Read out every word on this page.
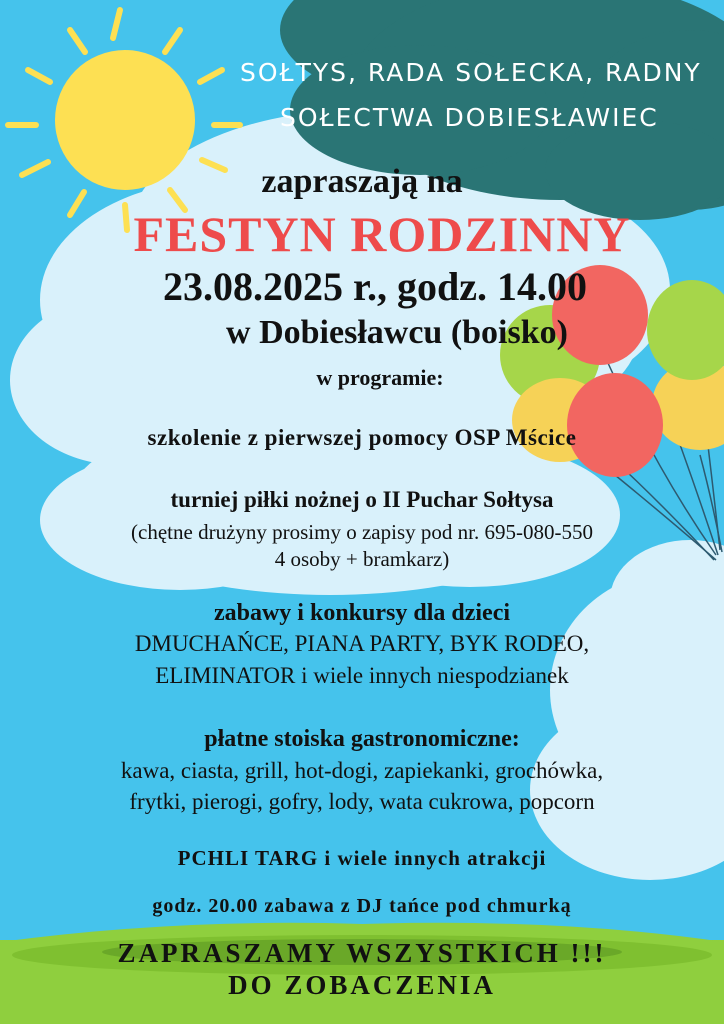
SOŁTYS, RADA SOŁECKA, RADNY
SOŁECTWA DOBIESŁAWIEC
zapraszają na
FESTYN RODZINNY
23.08.2025 r., godz. 14.00
w Dobiesławcu (boisko)
w programie:
szkolenie z pierwszej pomocy OSP Mścice
turniej piłki nożnej o II Puchar Sołtysa
(chętne drużyny prosimy o zapisy pod nr. 695-080-550
4 osoby + bramkarz)
zabawy i konkursy dla dzieci
DMUCHAŃCE, PIANA PARTY, BYK RODEO,
ELIMINATOR i wiele innych niespodzianek
płatne stoiska gastronomiczne:
kawa, ciasta, grill, hot-dogi, zapiekanki, grochówka,
frytki, pierogi, gofry, lody, wata cukrowa, popcorn
PCHLI TARG i wiele innych atrakcji
godz. 20.00 zabawa z DJ tańce pod chmurką
ZAPRASZAMY WSZYSTKICH !!!
DO ZOBACZENIA
